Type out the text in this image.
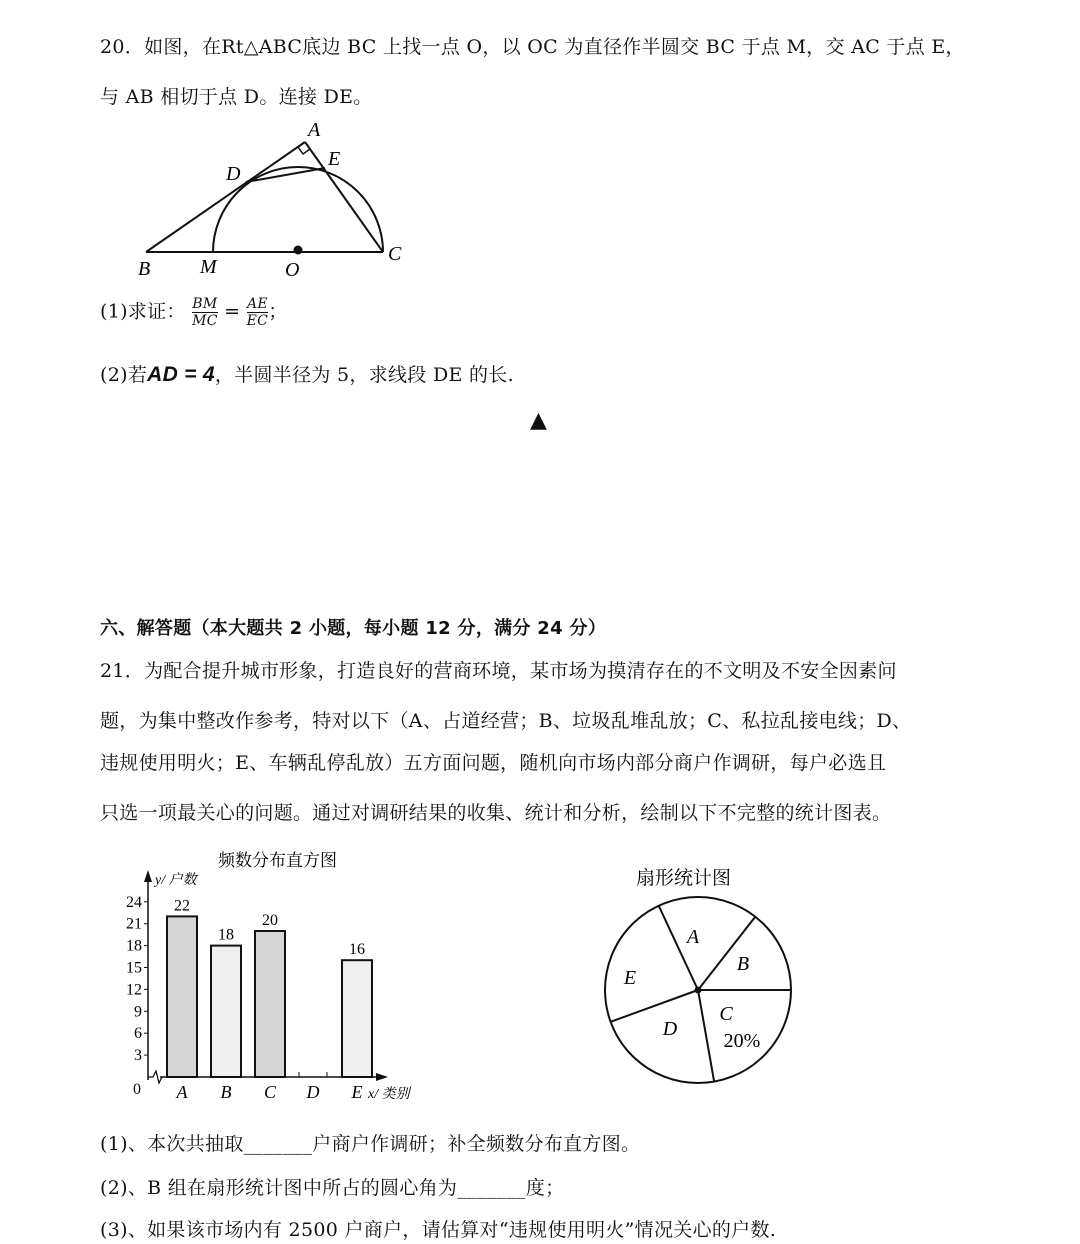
20．如图，在Rt△ABC底边 BC 上找一点 O，以 OC 为直径作半圆交 BC 于点 M，交 AC 于点 E，
与 AB 相切于点 D。连接 DE。
A
E
D
B M	O
C
频数分布直方图
y/ 户数
x/ 类别
0
3
6
9
12
15
18
21
24 22
A
18
B
20
C D
16
E
扇形统计图
A
B
C
D
E
20%
(1)求证： $\frac{BM}{MC} = \frac{AE}{EC}$ ；
(2)若AD = 4，半圆半径为 5，求线段 DE 的长.
▲
六、解答题（本大题共 2 小题，每小题 12 分，满分 24 分）
21．为配合提升城市形象，打造良好的营商环境，某市场为摸清存在的不文明及不安全因素问
题，为集中整改作参考，特对以下（A、占道经营；B、垃圾乱堆乱放；C、私拉乱接电线；D、
违规使用明火；E、车辆乱停乱放）五方面问题，随机向市场内部分商户作调研，每户必选且
只选一项最关心的问题。通过对调研结果的收集、统计和分析，绘制以下不完整的统计图表。
(1)、本次共抽取_______户商户作调研；补全频数分布直方图。
(2)、B 组在扇形统计图中所占的圆心角为_______度；
(3)、如果该市场内有 2500 户商户，请估算对“违规使用明火”情况关心的户数.
